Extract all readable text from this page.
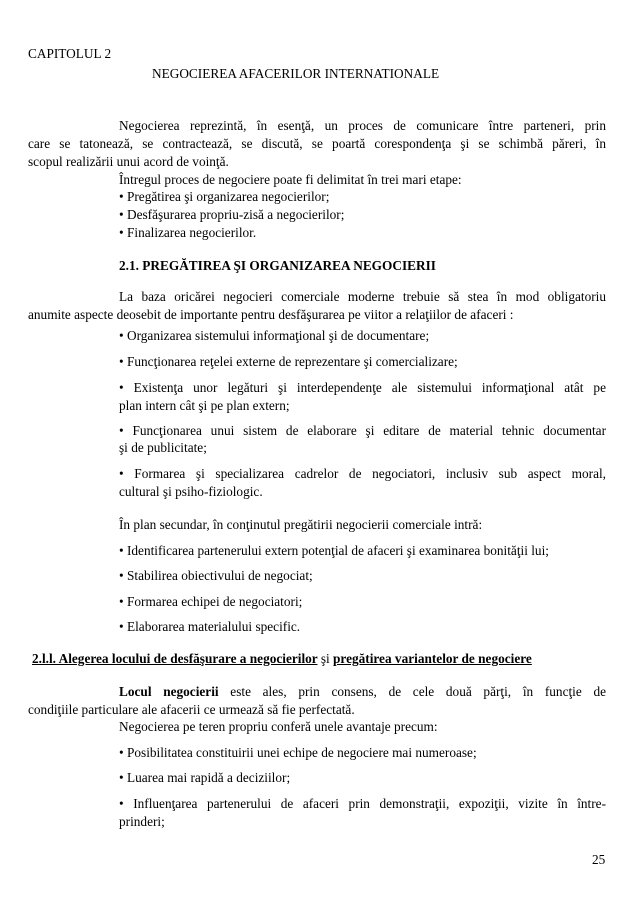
CAPITOLUL 2
NEGOCIEREA AFACERILOR INTERNATIONALE
Negocierea reprezintă, în esenţă, un proces de comunicare între parteneri, prin
care se tatonează, se contractează, se discută, se poartă corespondenţa şi se schimbă păreri, în
scopul realizării unui acord de voinţă.
Întregul proces de negociere poate fi delimitat în trei mari etape:
• Pregătirea şi organizarea negocierilor;
• Desfăşurarea propriu-zisă a negocierilor;
• Finalizarea negocierilor.
2.1. PREGĂTIREA ŞI ORGANIZAREA NEGOCIERII
La baza oricărei negocieri comerciale moderne trebuie să stea în mod obligatoriu
anumite aspecte deosebit de importante pentru desfăşurarea pe viitor a relaţiilor de afaceri :
• Organizarea sistemului informaţional şi de documentare;
• Funcţionarea reţelei externe de reprezentare şi comercializare;
• Existenţa unor legături şi interdependenţe ale sistemului informaţional atât pe
plan intern cât şi pe plan extern;
• Funcţionarea unui sistem de elaborare şi editare de material tehnic documentar
şi de publicitate;
• Formarea şi specializarea cadrelor de negociatori, inclusiv sub aspect moral,
cultural şi psiho-fiziologic.
În plan secundar, în conţinutul pregătirii negocierii comerciale intră:
• Identificarea partenerului extern potenţial de afaceri şi examinarea bonităţii lui;
• Stabilirea obiectivului de negociat;
• Formarea echipei de negociatori;
• Elaborarea materialului specific.
2.l.l. Alegerea locului de desfăşurare a negocierilor şi pregătirea variantelor de negociere
Locul negocierii este ales, prin consens, de cele două părţi, în funcţie de
condiţiile particulare ale afacerii ce urmează să fie perfectată.
Negocierea pe teren propriu conferă unele avantaje precum:
• Posibilitatea constituirii unei echipe de negociere mai numeroase;
• Luarea mai rapidă a deciziilor;
• Influenţarea partenerului de afaceri prin demonstraţii, expoziţii, vizite în între-
prinderi;
25
